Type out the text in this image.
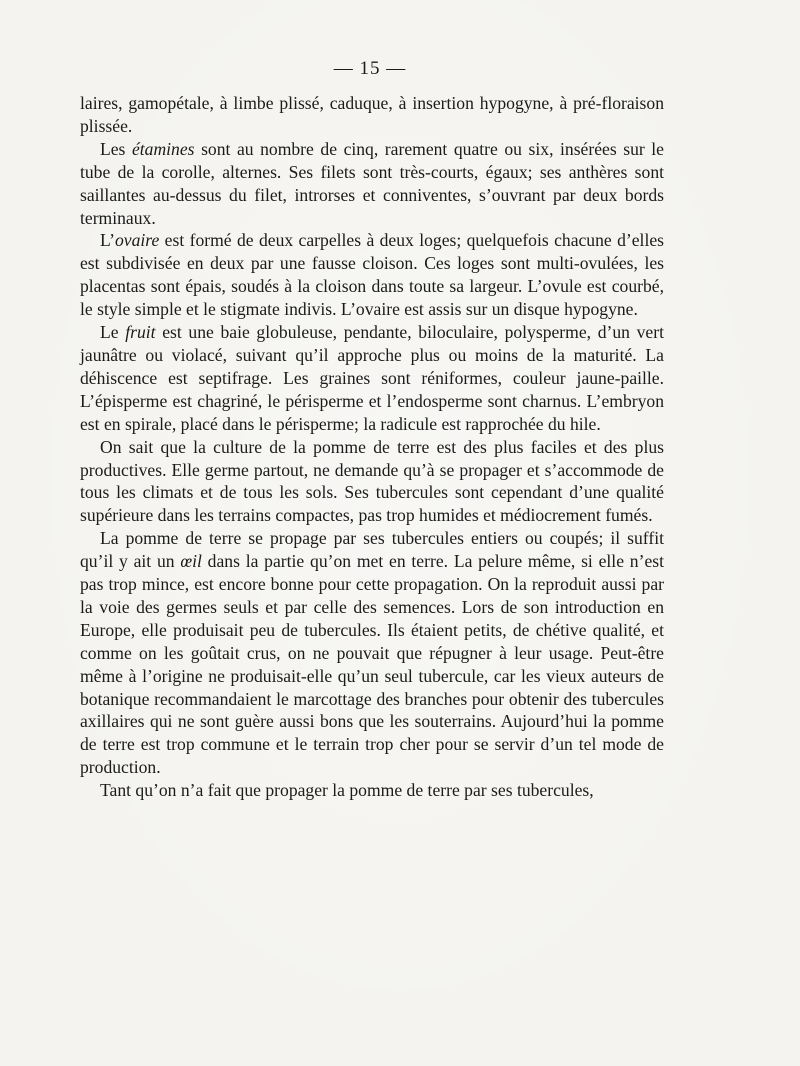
— 15 —

laires, gamopétale, à limbe plissé, caduque, à insertion hypogyne, à pré-floraison plissée.

Les étamines sont au nombre de cinq, rarement quatre ou six, insérées sur le tube de la corolle, alternes. Ses filets sont très-courts, égaux; ses anthères sont saillantes au-dessus du filet, introrses et conniventes, s’ouvrant par deux bords terminaux.

L’ovaire est formé de deux carpelles à deux loges; quelquefois chacune d’elles est subdivisée en deux par une fausse cloison. Ces loges sont multi-ovulées, les placentas sont épais, soudés à la cloison dans toute sa largeur. L’ovule est courbé, le style simple et le stigmate indivis. L’ovaire est assis sur un disque hypogyne.

Le fruit est une baie globuleuse, pendante, biloculaire, polysperme, d’un vert jaunâtre ou violacé, suivant qu’il approche plus ou moins de la maturité. La déhiscence est septifrage. Les graines sont réniformes, couleur jaune-paille. L’épisperme est chagriné, le périsperme et l’endosperme sont charnus. L’embryon est en spirale, placé dans le périsperme; la radicule est rapprochée du hile.

On sait que la culture de la pomme de terre est des plus faciles et des plus productives. Elle germe partout, ne demande qu’à se propager et s’accommode de tous les climats et de tous les sols. Ses tubercules sont cependant d’une qualité supérieure dans les terrains compactes, pas trop humides et médiocrement fumés.

La pomme de terre se propage par ses tubercules entiers ou coupés; il suffit qu’il y ait un œil dans la partie qu’on met en terre. La pelure même, si elle n’est pas trop mince, est encore bonne pour cette propagation. On la reproduit aussi par la voie des germes seuls et par celle des semences. Lors de son introduction en Europe, elle produisait peu de tubercules. Ils étaient petits, de chétive qualité, et comme on les goûtait crus, on ne pouvait que répugner à leur usage. Peut-être même à l’origine ne produisait-elle qu’un seul tubercule, car les vieux auteurs de botanique recommandaient le marcottage des branches pour obtenir des tubercules axillaires qui ne sont guère aussi bons que les souterrains. Aujourd’hui la pomme de terre est trop commune et le terrain trop cher pour se servir d’un tel mode de production.

Tant qu’on n’a fait que propager la pomme de terre par ses tubercules,
